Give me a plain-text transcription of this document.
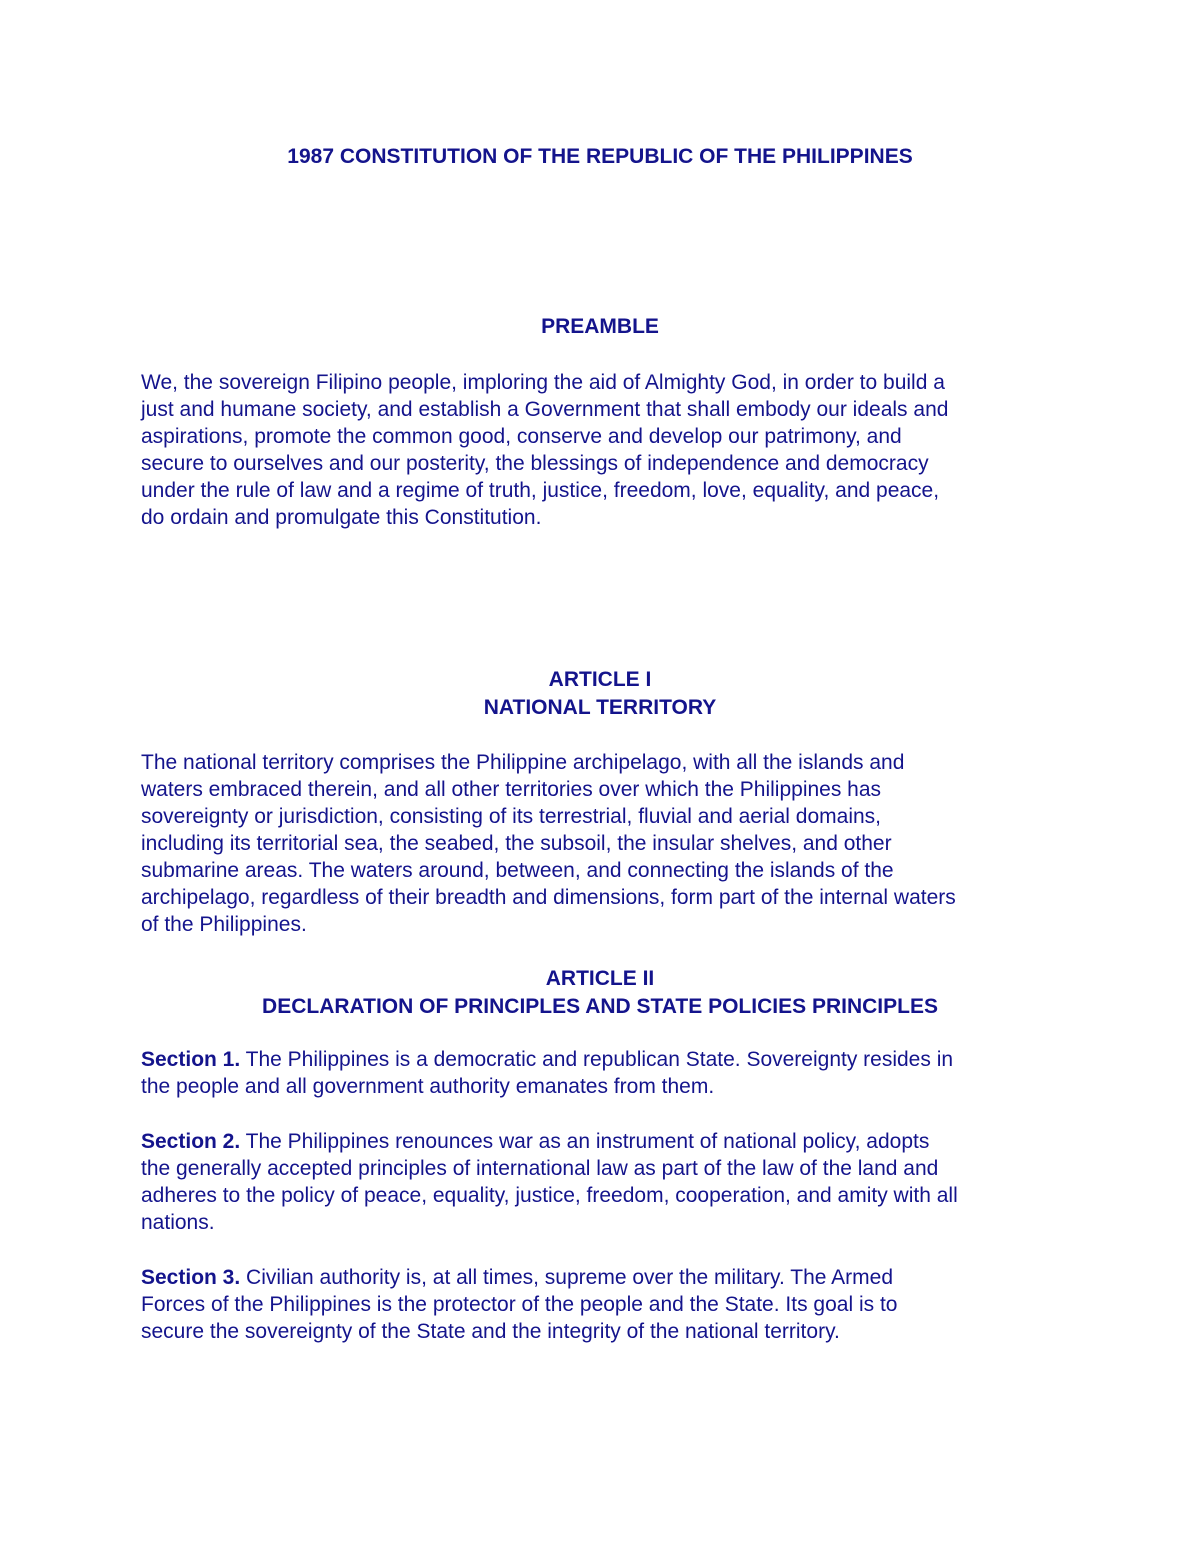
1987 CONSTITUTION OF THE REPUBLIC OF THE PHILIPPINES
PREAMBLE

We, the sovereign Filipino people, imploring the aid of Almighty God, in order to build a
just and humane society, and establish a Government that shall embody our ideals and
aspirations, promote the common good, conserve and develop our patrimony, and
secure to ourselves and our posterity, the blessings of independence and democracy
under the rule of law and a regime of truth, justice, freedom, love, equality, and peace,
do ordain and promulgate this Constitution.

ARTICLE I
NATIONAL TERRITORY

The national territory comprises the Philippine archipelago, with all the islands and
waters embraced therein, and all other territories over which the Philippines has
sovereignty or jurisdiction, consisting of its terrestrial, fluvial and aerial domains,
including its territorial sea, the seabed, the subsoil, the insular shelves, and other
submarine areas. The waters around, between, and connecting the islands of the
archipelago, regardless of their breadth and dimensions, form part of the internal waters
of the Philippines.

ARTICLE II
DECLARATION OF PRINCIPLES AND STATE POLICIES PRINCIPLES

Section 1. The Philippines is a democratic and republican State. Sovereignty resides in
the people and all government authority emanates from them.

Section 2. The Philippines renounces war as an instrument of national policy, adopts
the generally accepted principles of international law as part of the law of the land and
adheres to the policy of peace, equality, justice, freedom, cooperation, and amity with all
nations.

Section 3. Civilian authority is, at all times, supreme over the military. The Armed
Forces of the Philippines is the protector of the people and the State. Its goal is to
secure the sovereignty of the State and the integrity of the national territory.
